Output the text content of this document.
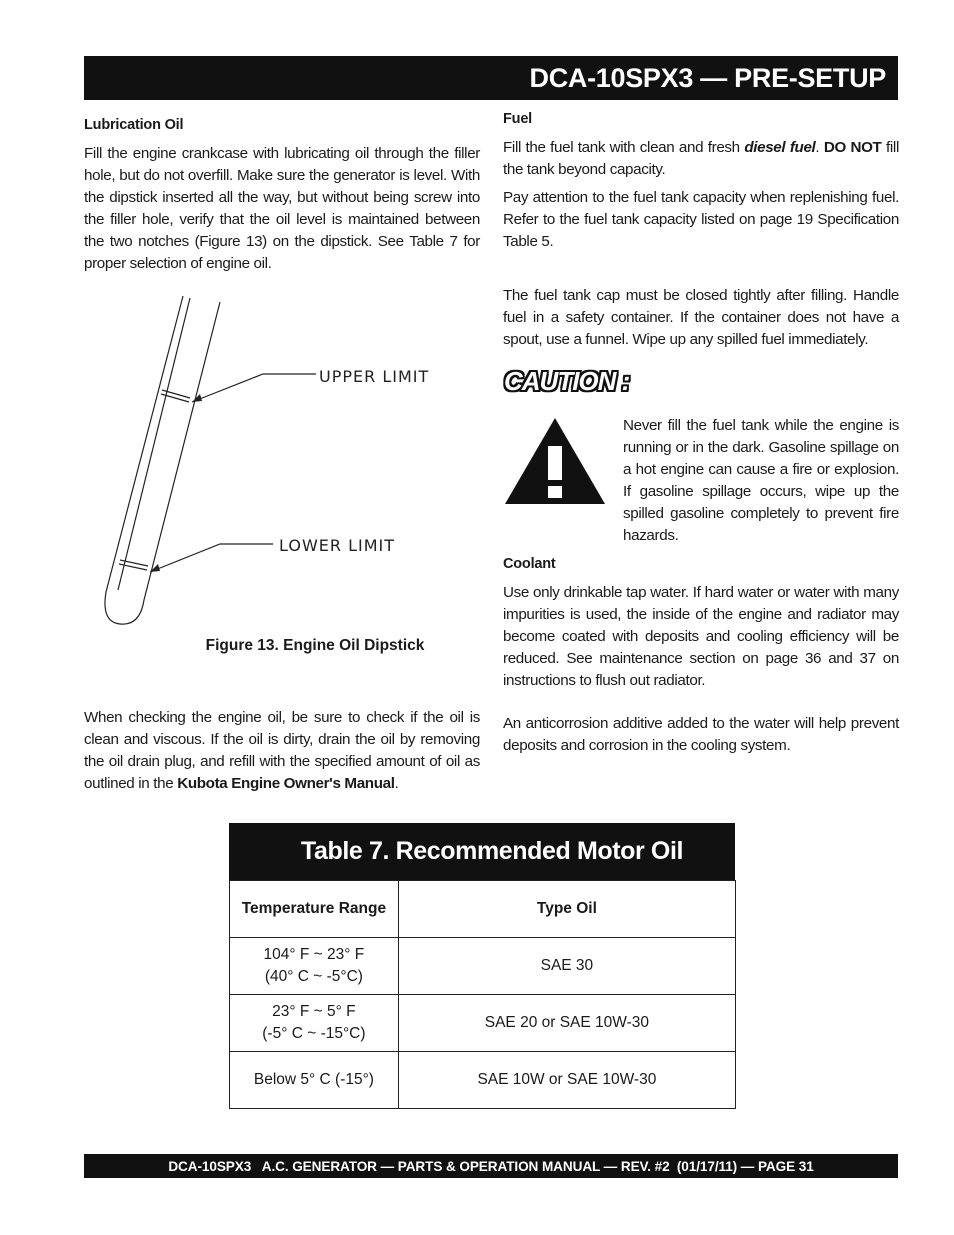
DCA-10SPX3 — PRE-SETUP
Lubrication Oil

Fill the engine crankcase with lubricating oil through the filler hole, but do not overfill. Make sure the generator is level. With the dipstick inserted all the way, but without being screw into the filler hole, verify that the oil level is maintained between the two notches (Figure 13) on the dipstick. See Table 7 for proper selection of engine oil.

UPPER LIMIT
LOWER LIMIT
Figure 13. Engine Oil Dipstick

When checking the engine oil, be sure to check if the oil is clean and viscous. If the oil is dirty, drain the oil by removing the oil drain plug, and refill with the specified amount of oil as outlined in the Kubota Engine Owner's Manual.

Fuel

Fill the fuel tank with clean and fresh diesel fuel. DO NOT fill the tank beyond capacity.

Pay attention to the fuel tank capacity when replenishing fuel. Refer to the fuel tank capacity listed on page 19 Specification Table 5.

The fuel tank cap must be closed tightly after filling. Handle fuel in a safety container. If the container does not have a spout, use a funnel. Wipe up any spilled fuel immediately.

CAUTION :

Never fill the fuel tank while the engine is running or in the dark. Gasoline spillage on a hot engine can cause a fire or explosion. If gasoline spillage occurs, wipe up the spilled gasoline completely to prevent fire hazards.

Coolant

Use only drinkable tap water. If hard water or water with many impurities is used, the inside of the engine and radiator may become coated with deposits and cooling efficiency will be reduced. See maintenance section on page 36 and 37 on instructions to flush out radiator.

An anticorrosion additive added to the water will help prevent deposits and corrosion in the cooling system.

Table 7. Recommended Motor Oil
Temperature Range	Type Oil
104° F ~ 23° F
(40° C ~ -5°C)	SAE 30
23° F ~ 5° F
(-5° C ~ -15°C)	SAE 20 or SAE 10W-30
Below 5° C (-15°)	SAE 10W or SAE 10W-30
DCA-10SPX3   A.C. GENERATOR — PARTS & OPERATION MANUAL — REV. #2  (01/17/11) — PAGE 31
